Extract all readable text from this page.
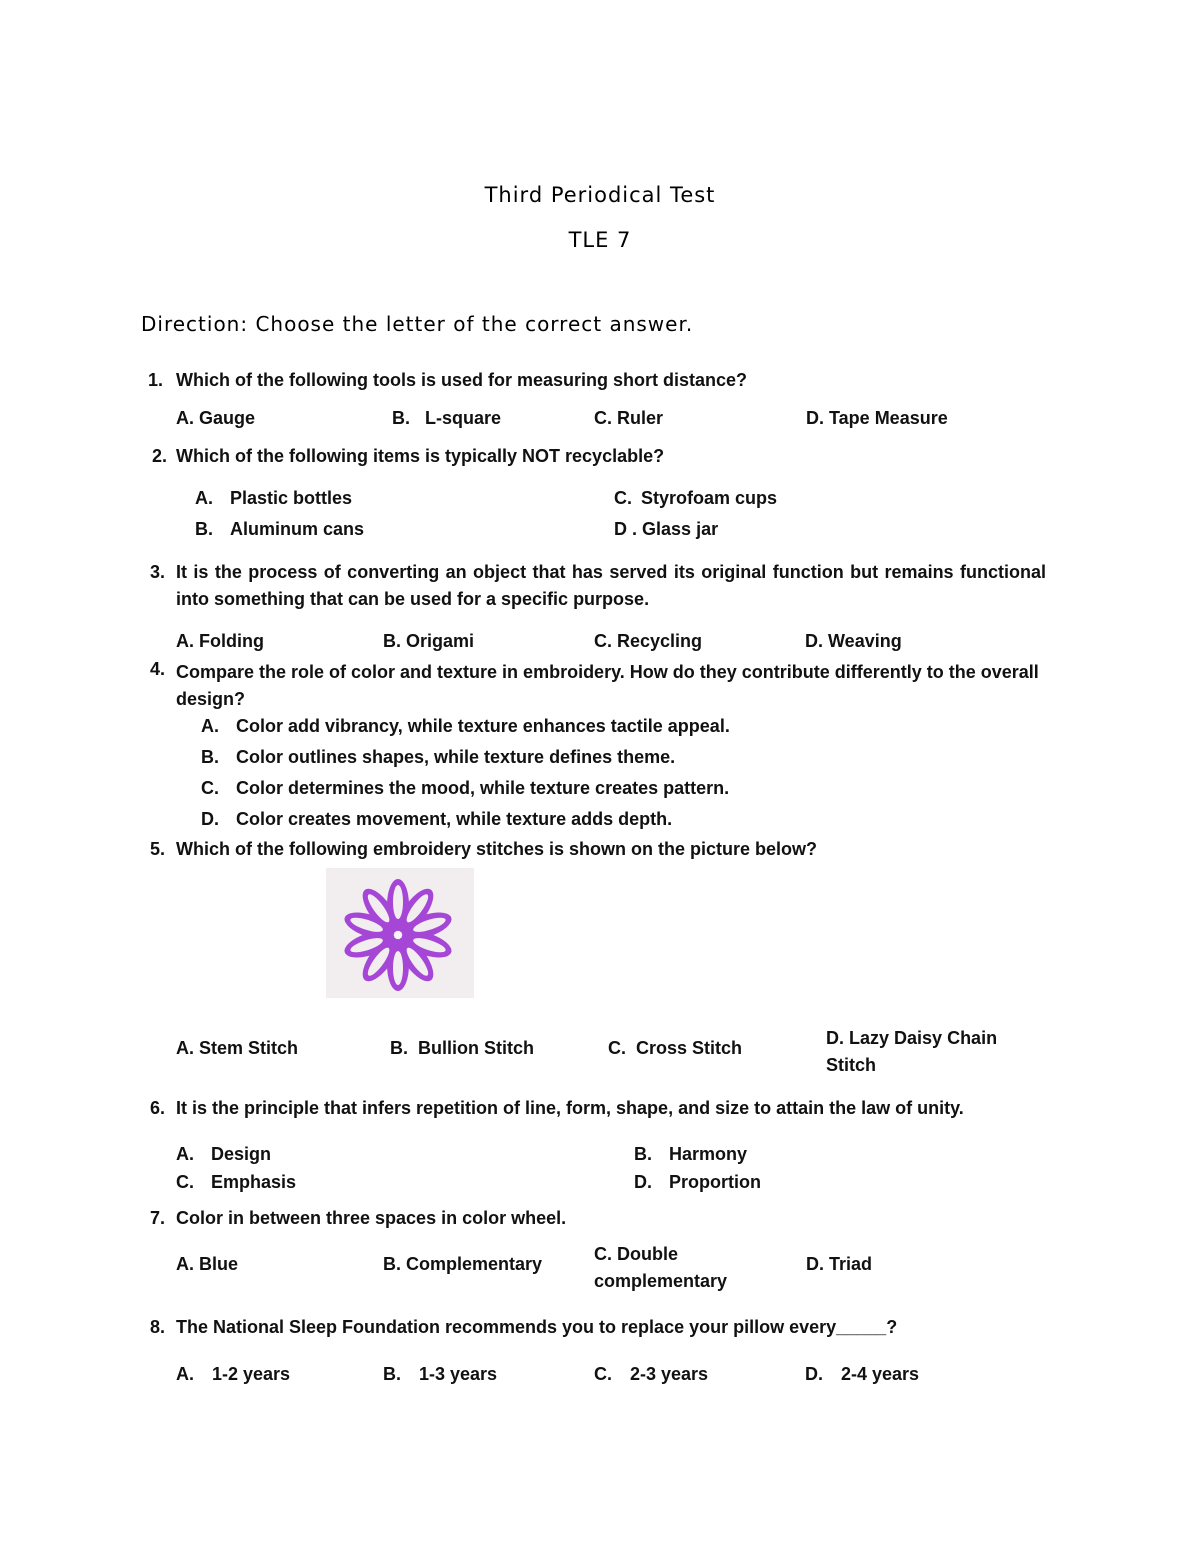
Third Periodical Test
TLE 7
Direction: Choose the letter of the correct answer.
1. Which of the following tools is used for measuring short distance?
A. Gauge	B. L-square	C. Ruler	D. Tape Measure
2. Which of the following items is typically NOT recyclable?
A. Plastic bottles
B. Aluminum cans
C. Styrofoam cups
D . Glass jar
3. It is the process of converting an object that has served its original function but remains functional into something that can be used for a specific purpose.
A. Folding	B. Origami	C. Recycling	D. Weaving
4. Compare the role of color and texture in embroidery. How do they contribute differently to the overall design?
A. Color add vibrancy, while texture enhances tactile appeal.
B. Color outlines shapes, while texture defines theme.
C. Color determines the mood, while texture creates pattern.
D. Color creates movement, while texture adds depth.
5. Which of the following embroidery stitches is shown on the picture below?
A. Stem Stitch	B. Bullion Stitch	C. Cross Stitch	D. Lazy Daisy Chain Stitch
6. It is the principle that infers repetition of line, form, shape, and size to attain the law of unity.
A. Design	B. Harmony
C. Emphasis	D. Proportion
7. Color in between three spaces in color wheel.
A. Blue	B. Complementary	C. Double complementary
D. Triad
8. The National Sleep Foundation recommends you to replace your pillow every_____?
A. 1-2 years	B. 1-3 years	C. 2-3 years	D. 2-4 years
